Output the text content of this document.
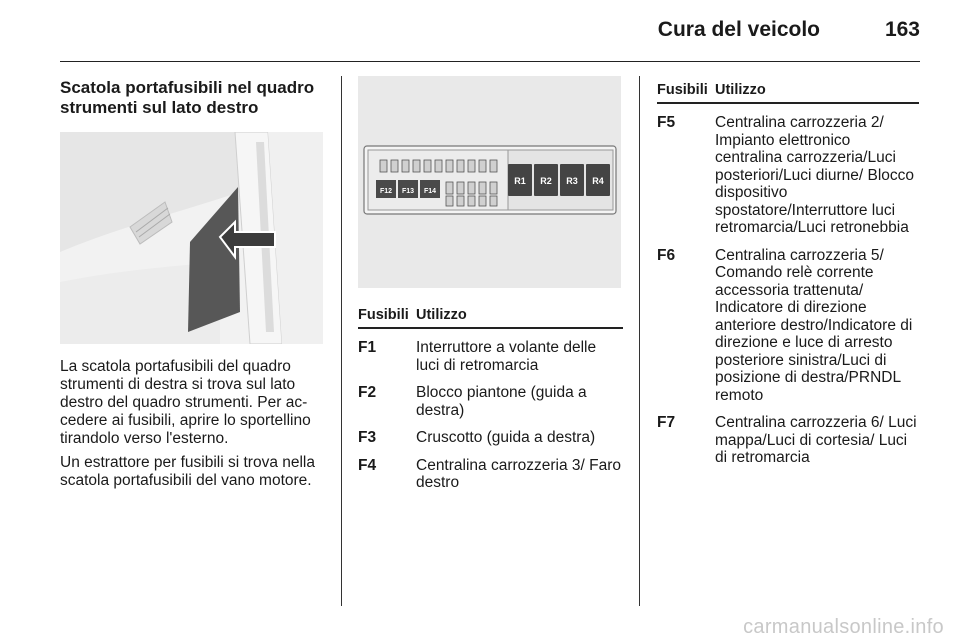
Cura del veicolo	163
Scatola portafusibili nel quadro strumenti sul lato destro

La scatola portafusibili del quadro strumenti di destra si trova sul lato destro del quadro strumenti. Per ac-cedere ai fusibili, aprire lo sportellino tirandolo verso l'esterno.

Un estrattore per fusibili si trova nella scatola portafusibili del vano motore.

F12 F13 F14
R1 R2 R3 R4
Fusibili Utilizzo
F1	Interruttore a volante delle luci di retromarcia
F2	Blocco piantone (guida a destra)
F3	Cruscotto (guida a destra)
F4	Centralina carrozzeria 3/ Faro destro
Fusibili Utilizzo
F5	Centralina carrozzeria 2/ Impianto elettronico centralina carrozzeria/Luci posteriori/Luci diurne/ Blocco dispositivo spostatore/Interruttore luci retromarcia/Luci retronebbia
F6	Centralina carrozzeria 5/ Comando relè corrente accessoria trattenuta/ Indicatore di direzione anteriore destro/Indicatore di direzione e luce di arresto posteriore sinistra/Luci di posizione di destra/PRNDL remoto
F7	Centralina carrozzeria 6/ Luci mappa/Luci di cortesia/ Luci di retromarcia
carmanualsonline.info
